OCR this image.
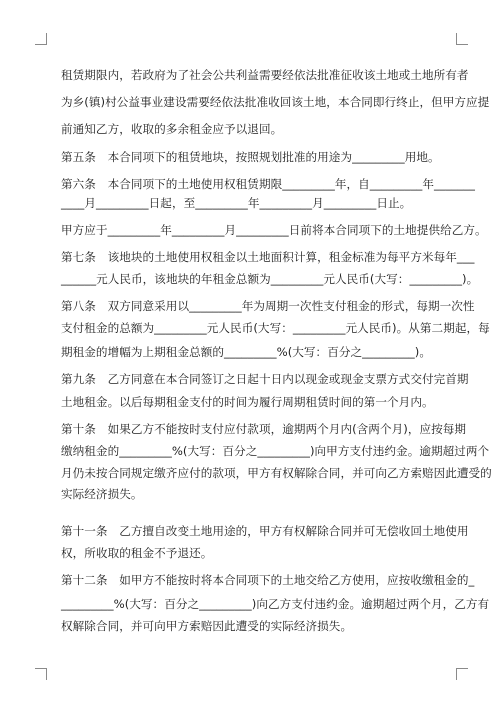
租赁期限内，若政府为了社会公共利益需要经依法批准征收该土地或土地所有者
为乡(镇)村公益事业建设需要经依法批准收回该土地，本合同即行终止，但甲方应提
前通知乙方，收取的多余租金应予以退回。
第五条　本合同项下的租赁地块，按照规划批准的用途为_________用地。
第六条　本合同项下的土地使用权租赁期限_________年，自_________年_______
____月_________日起，至_________年_________月_________日止。
甲方应于_________年_________月_________日前将本合同项下的土地提供给乙方。
第七条　该地块的土地使用权租金以土地面积计算，租金标准为每平方米每年___
______元人民币，该地块的年租金总额为_________元人民币(大写：_________)。
第八条　双方同意采用以_________年为周期一次性支付租金的形式，每期一次性
支付租金的总额为_________元人民币(大写：_________元人民币)。从第二期起，每
期租金的增幅为上期租金总额的_________%(大写：百分之_________)。
第九条　乙方同意在本合同签订之日起十日内以现金或现金支票方式交付完首期
土地租金。以后每期租金支付的时间为履行周期租赁时间的第一个月内。
第十条　如果乙方不能按时支付应付款项，逾期两个月内(含两个月)，应按每期
缴纳租金的_________%(大写：百分之_________)向甲方支付违约金。逾期超过两个
月仍未按合同规定缴齐应付的款项，甲方有权解除合同，并可向乙方索赔因此遭受的
实际经济损失。
第十一条　乙方擅自改变土地用途的，甲方有权解除合同并可无偿收回土地使用
权，所收取的租金不予退还。
第十二条　如甲方不能按时将本合同项下的土地交给乙方使用，应按收缴租金的_
_________%(大写：百分之_________)向乙方支付违约金。逾期超过两个月，乙方有
权解除合同，并可向甲方索赔因此遭受的实际经济损失。
